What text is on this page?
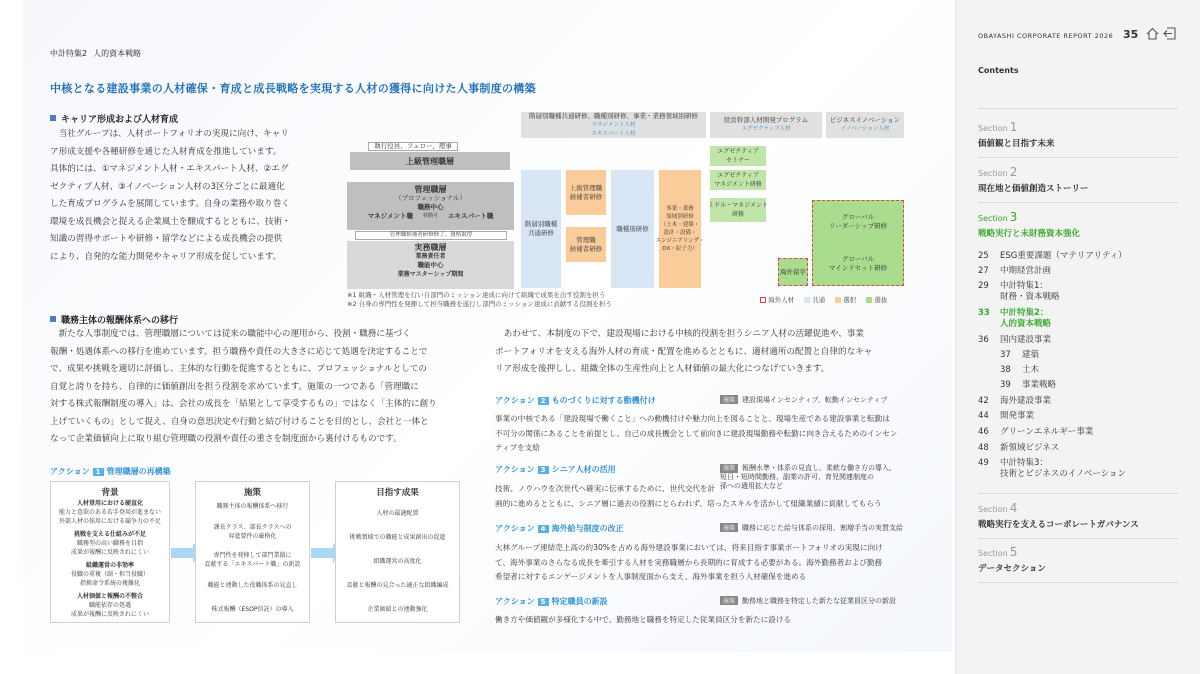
中計特集2 人的資本戦略
中核となる建設事業の人材確保・育成と成長戦略を実現する人材の獲得に向けた人事制度の構築
キャリア形成および人材育成
当社グループは、人材ポートフォリオの実現に向け、キャリ
ア形成支援や各種研修を通じた人材育成を推進しています。
具体的には、①マネジメント人材・エキスパート人材、②エグ
ゼクティブ人材、③イノベーション人材の3区分ごとに最適化
した育成プログラムを展開しています。自身の業務や取り巻く
環境を成長機会と捉える企業風土を醸成するとともに、技術・
知識の習得サポートや研修・留学などによる成長機会の提供
により、自発的な能力開発やキャリア形成を促しています。
階層別職種共通研修、職種別研修、事業・業務領域別研修
マネジメント人材
エキスパート人材
経営幹部人材開発プログラム
エグゼクティブ人材
ビジネスイノベーション
イノベーション人材
執行役員、フェロー、理事
上級管理職層
管理職層
（プロフェッショナル）
職務中心
マネジメント職 移動可 エキスパート職
管理職候補者研修修了、資格取得
実務職層
業務責任者
職能中心
業務マスターシップ期間
階層別職種
共通研修
上級管理職
候補者研修
管理職
候補者研修
職種別研修
事業・業務
領域別研修
（土木・建築・
設計・設備・
エンジニアリング・
DX・原子力）
エグゼクティブ
セミナー
エグゼクティブ
マネジメント研修
ミドル・マネジメント
研修
海外留学
グローバル
リーダーシップ研修
グローバル
マインドセット研修
※1 組織・人材管理を行い自部門のミッション達成に向けて組織で成果を出す役割を担う
※2 自身の専門性を発揮して担当職務を遂行し部門のミッション達成に貢献する役割を担う	海外人材	共通	選択	選抜
職務主体の報酬体系への移行
新たな人事制度では、管理職層については従来の職能中心の運用から、役割・職務に基づく
報酬・処遇体系への移行を進めています。担う職務や責任の大きさに応じて処遇を決定することで
で、成果や挑戦を適切に評価し、主体的な行動を促進するとともに、プロフェッショナルとしての
自覚と誇りを持ち、自律的に価値創出を担う役割を求めています。施策の一つである「管理職に
対する株式報酬制度の導入」は、会社の成長を「結果として享受するもの」ではなく「主体的に創り
上げていくもの」として捉え、自身の意思決定や行動と結び付けることを目的とし、会社と一体と
なって企業価値向上に取り組む管理職の役割や責任の重さを制度面から裏付けるものです。
アクション 1 管理職層の再構築
背景
人材登用における硬直化
能力と意欲のある若手登用が進まない
外部人材の採用における競争力の不足
挑戦を支える仕組みが不足
職務型の高い職務を目指
成果が報酬に反映されにくい
組織運営の非効率
役職の重複（副・担当役職）
指揮命令系統の複雑化
人材価値と報酬の不整合
職能依存の処遇
成果が報酬に反映されにくい
施策
職務主体の報酬体系へ移行
課長クラス、部長クラスへの
昇進要件の厳格化
専門性を発揮して部門業績に
貢献する「エキスパート職」の新設
職能と連動した役職体系の見直し
株式報酬（ESOP信託）の導入
目指す成果
人材の最適配置
挑戦領域での職能と成果創出の促進
組織運営の高度化
貢献と報酬の見合った適正な組織編成
企業価値との連動強化
あわせて、本制度の下で、建設現場における中核的役割を担うシニア人材の活躍促進や、事業
ポートフォリオを支える海外人材の育成・配置を進めるとともに、適材適所の配置と自律的なキャ
リア形成を後押しし、組織全体の生産性向上と人材価値の最大化につなげていきます。
アクション 2 ものづくりに対する動機付け	施策 建設現場インセンティブ、転勤インセンティブ
事業の中核である「建設現場で働くこと」への動機付けや魅力向上を図ることと、現場生産である建設事業と転勤は
不可分の関係にあることを前提とし、自己の成長機会として前向きに建設現場勤務や転勤に向き合えるためのインセン
ティブを支給
アクション 3 シニア人材の活用	施策 報酬水準・体系の見直し、柔軟な働き方の導入、
短日・短時間勤務、副業の許可、育児関連制度の
孫への適用拡大など
技術、ノウハウを次世代へ確実に伝承するために、世代交代を計
画的に進めるとともに、シニア層に過去の役割にとらわれず、培ったスキルを活かして組織業績に貢献してもらう
アクション 4 海外給与制度の改正	施策 職務に応じた給与体系の採用、割増手当の実質支給
大林グループ連結売上高の約30%を占める海外建設事業においては、将来目指す事業ポートフォリオの実現に向け
て、海外事業のさらなる成長を牽引する人材を実務職層から長期的に育成する必要がある。海外勤務者および勤務
希望者に対するエンゲージメントを人事制度面から支え、海外事業を担う人材確保を進める
アクション 5 特定職員の新設	施策 勤務地と職務を特定した新たな従業員区分の新設
働き方や価値観が多様化する中で、勤務地と職務を特定した従業員区分を新たに設ける
OBAYASHI CORPORATE REPORT 2026 35
Contents
Section 1
価値観と目指す未来
Section 2
現在地と価値創造ストーリー
Section 3
戦略実行と未財務資本強化
25 ESG重要課題（マテリアリティ）
27 中期経営計画
29	中計特集1：
財務・資本戦略
33	中計特集2：
人的資本戦略
36 国内建設事業
37 建築
38 土木
39 事業戦略
42 海外建設事業
44 開発事業
46 グリーンエネルギー事業
48 新領域ビジネス
49	中計特集3：
技術とビジネスのイノベーション
Section 4
戦略実行を支えるコーポレートガバナンス
Section 5
データセクション
